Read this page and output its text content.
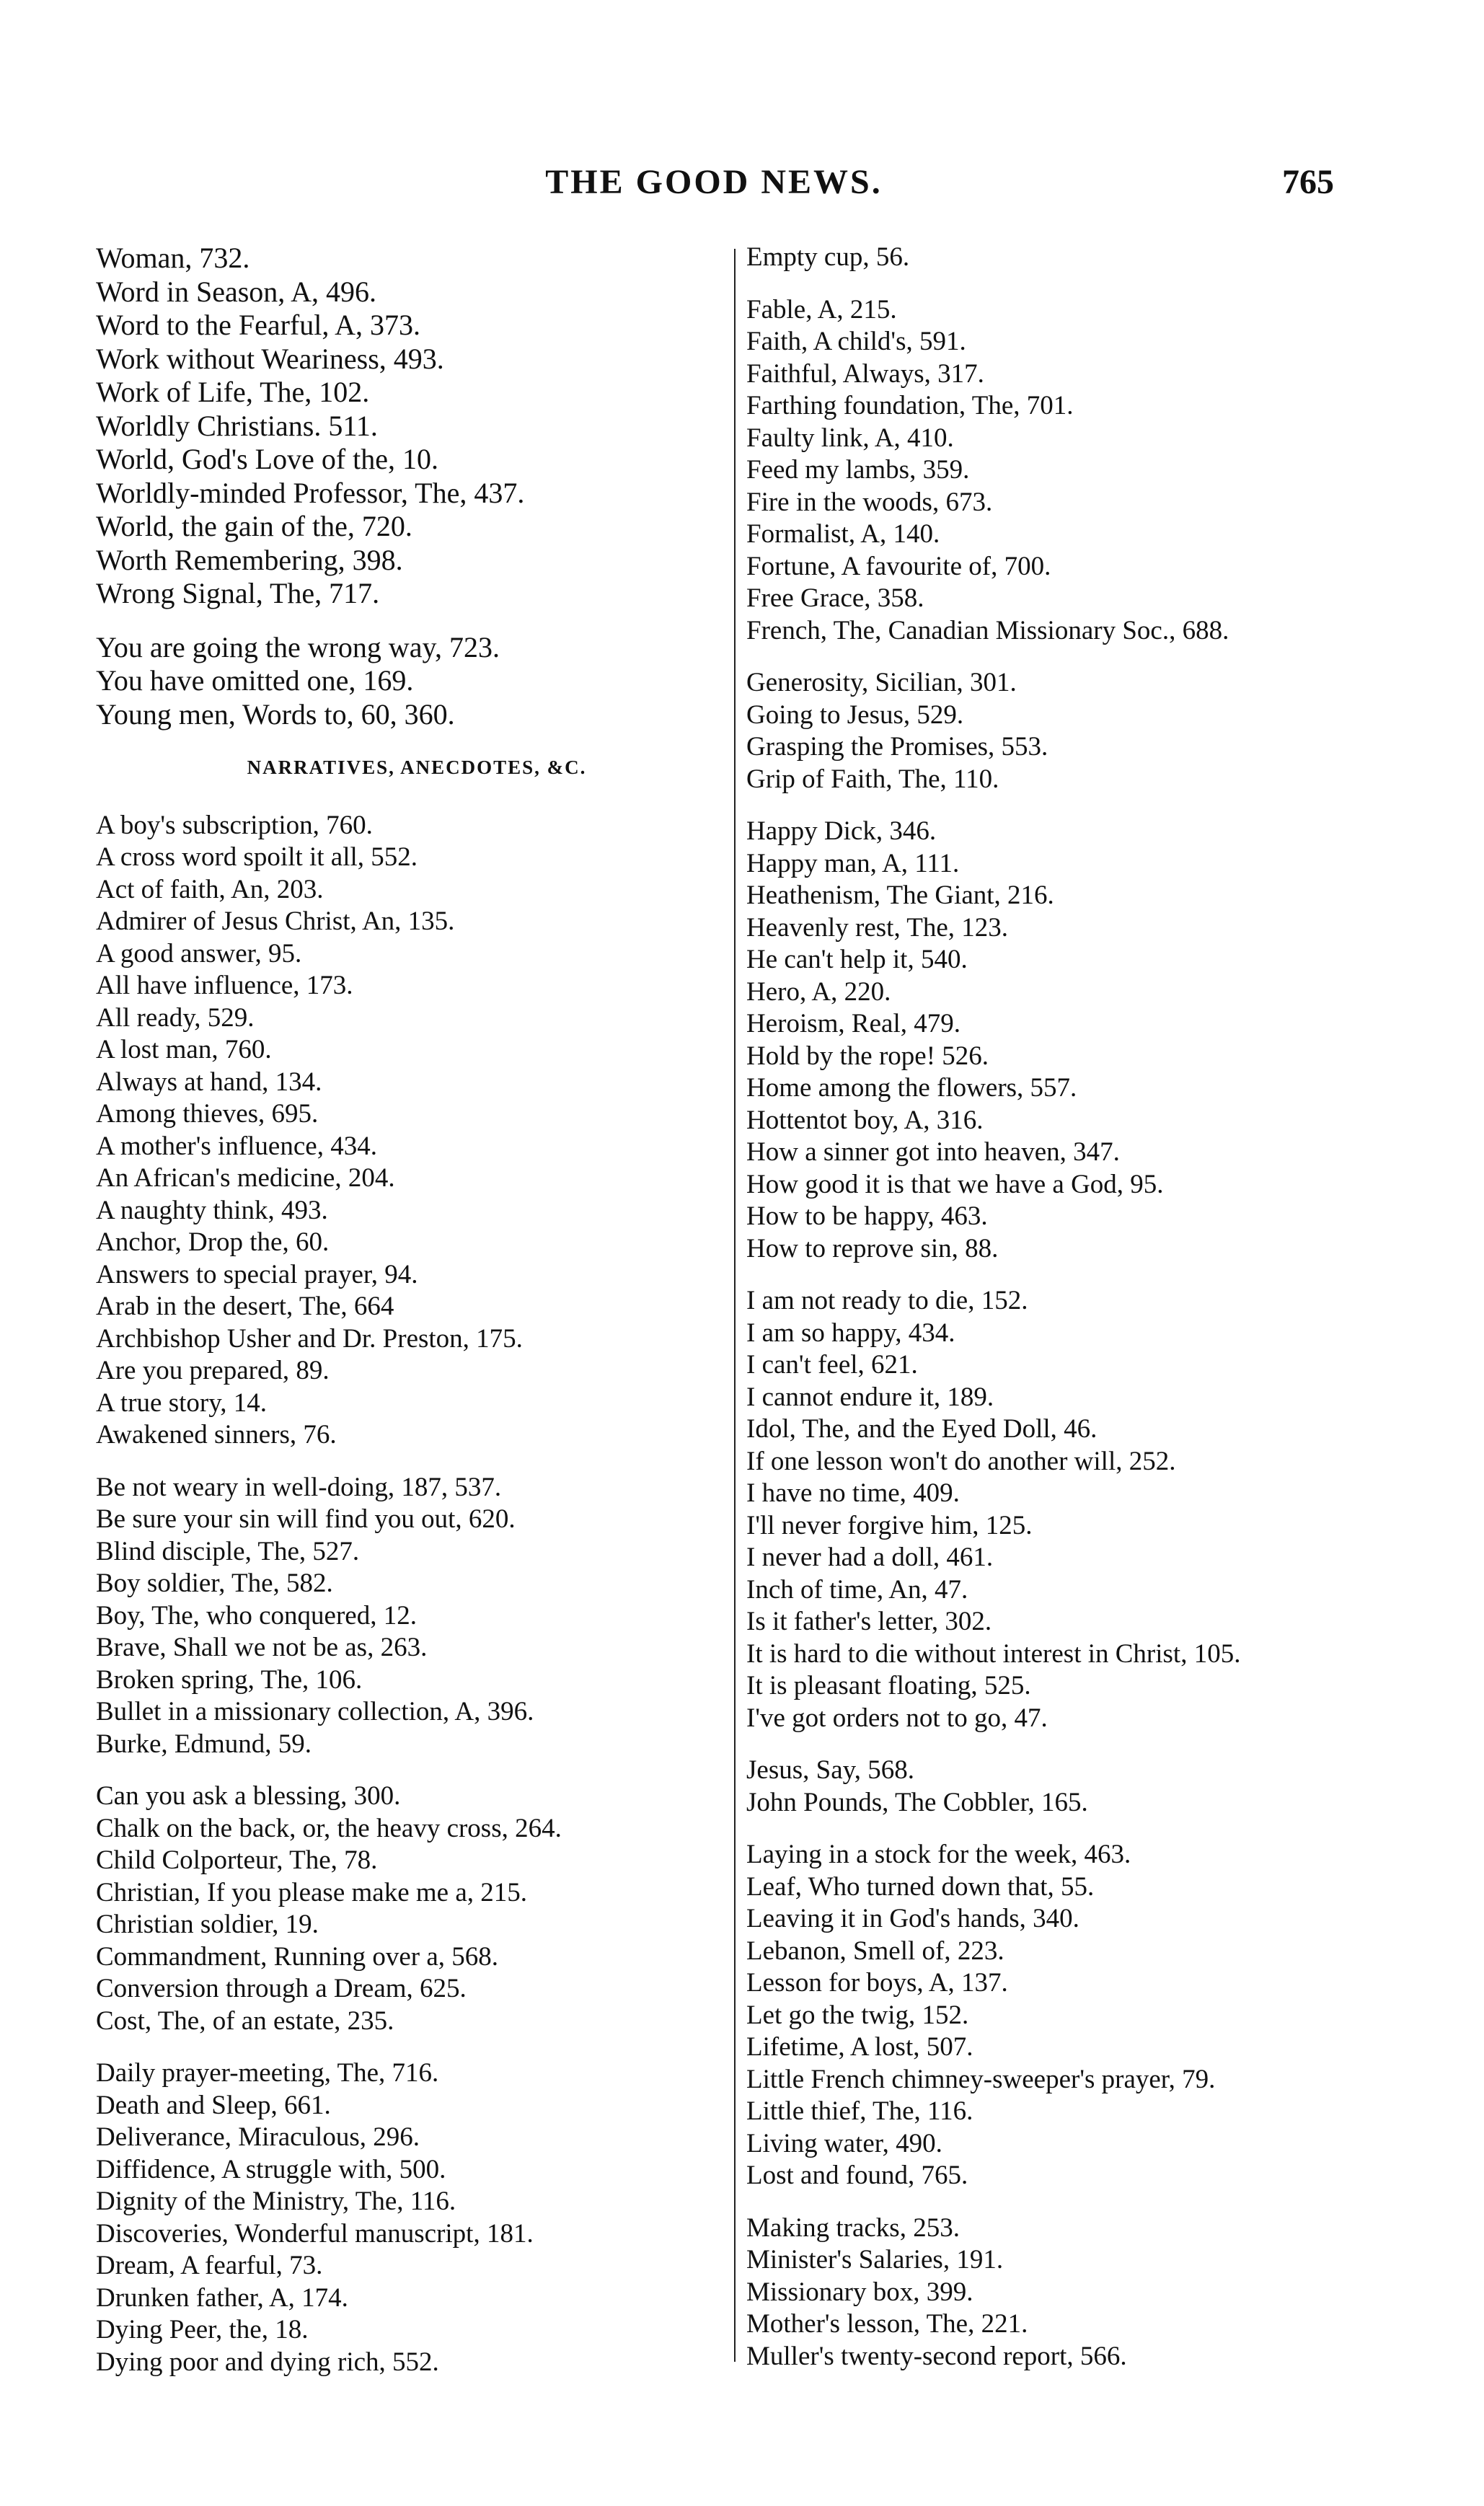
THE GOOD NEWS.	765
Woman, 732.
Word in Season, A, 496.
Word to the Fearful, A, 373.
Work without Weariness, 493.
Work of Life, The, 102.
Worldly Christians. 511.
World, God's Love of the, 10.
Worldly-minded Professor, The, 437.
World, the gain of the, 720.
Worth Remembering, 398.
Wrong Signal, The, 717.
You are going the wrong way, 723.
You have omitted one, 169.
Young men, Words to, 60, 360.
NARRATIVES, ANECDOTES, &C.
A boy's subscription, 760.
A cross word spoilt it all, 552.
Act of faith, An, 203.
Admirer of Jesus Christ, An, 135.
A good answer, 95.
All have influence, 173.
All ready, 529.
A lost man, 760.
Always at hand, 134.
Among thieves, 695.
A mother's influence, 434.
An African's medicine, 204.
A naughty think, 493.
Anchor, Drop the, 60.
Answers to special prayer, 94.
Arab in the desert, The, 664
Archbishop Usher and Dr. Preston, 175.
Are you prepared, 89.
A true story, 14.
Awakened sinners, 76.
Be not weary in well-doing, 187, 537.
Be sure your sin will find you out, 620.
Blind disciple, The, 527.
Boy soldier, The, 582.
Boy, The, who conquered, 12.
Brave, Shall we not be as, 263.
Broken spring, The, 106.
Bullet in a missionary collection, A, 396.
Burke, Edmund, 59.
Can you ask a blessing, 300.
Chalk on the back, or, the heavy cross, 264.
Child Colporteur, The, 78.
Christian, If you please make me a, 215.
Christian soldier, 19.
Commandment, Running over a, 568.
Conversion through a Dream, 625.
Cost, The, of an estate, 235.
Daily prayer-meeting, The, 716.
Death and Sleep, 661.
Deliverance, Miraculous, 296.
Diffidence, A struggle with, 500.
Dignity of the Ministry, The, 116.
Discoveries, Wonderful manuscript, 181.
Dream, A fearful, 73.
Drunken father, A, 174.
Dying Peer, the, 18.
Dying poor and dying rich, 552.
Empty cup, 56.
Fable, A, 215.
Faith, A child's, 591.
Faithful, Always, 317.
Farthing foundation, The, 701.
Faulty link, A, 410.
Feed my lambs, 359.
Fire in the woods, 673.
Formalist, A, 140.
Fortune, A favourite of, 700.
Free Grace, 358.
French, The, Canadian Missionary Soc., 688.
Generosity, Sicilian, 301.
Going to Jesus, 529.
Grasping the Promises, 553.
Grip of Faith, The, 110.
Happy Dick, 346.
Happy man, A, 111.
Heathenism, The Giant, 216.
Heavenly rest, The, 123.
He can't help it, 540.
Hero, A, 220.
Heroism, Real, 479.
Hold by the rope! 526.
Home among the flowers, 557.
Hottentot boy, A, 316.
How a sinner got into heaven, 347.
How good it is that we have a God, 95.
How to be happy, 463.
How to reprove sin, 88.
I am not ready to die, 152.
I am so happy, 434.
I can't feel, 621.
I cannot endure it, 189.
Idol, The, and the Eyed Doll, 46.
If one lesson won't do another will, 252.
I have no time, 409.
I'll never forgive him, 125.
I never had a doll, 461.
Inch of time, An, 47.
Is it father's letter, 302.
It is hard to die without interest in Christ, 105.
It is pleasant floating, 525.
I've got orders not to go, 47.
Jesus, Say, 568.
John Pounds, The Cobbler, 165.
Laying in a stock for the week, 463.
Leaf, Who turned down that, 55.
Leaving it in God's hands, 340.
Lebanon, Smell of, 223.
Lesson for boys, A, 137.
Let go the twig, 152.
Lifetime, A lost, 507.
Little French chimney-sweeper's prayer, 79.
Little thief, The, 116.
Living water, 490.
Lost and found, 765.
Making tracks, 253.
Minister's Salaries, 191.
Missionary box, 399.
Mother's lesson, The, 221.
Muller's twenty-second report, 566.
